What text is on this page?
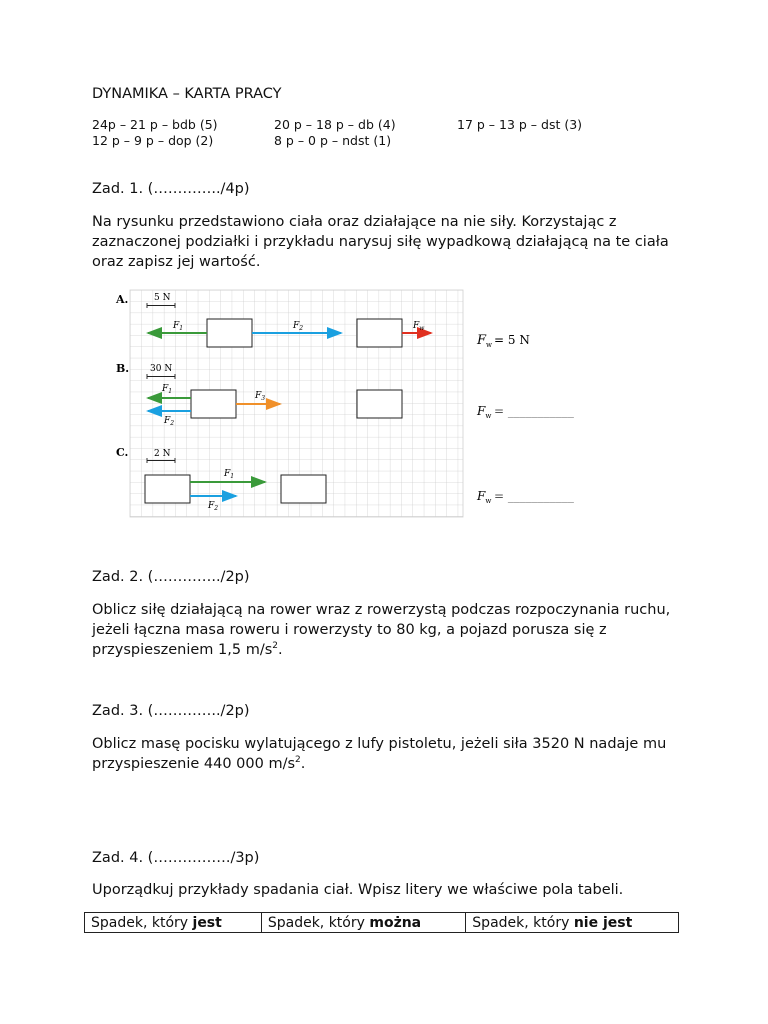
DYNAMIKA – KARTA PRACY
24p – 21 p – bdb (5)	20 p – 18 p – db (4)	17 p – 13 p – dst (3)
12 p – 9 p – dop (2)	8 p – 0 p – ndst (1)
Zad. 1. (…………../4p)
Na rysunku przedstawiono ciała oraz działające na nie siły. Korzystając z zaznaczonej podziałki i przykładu narysuj siłę wypadkową działającą na te ciała oraz zapisz jej wartość.
A.	5 N
$F_1$	$F_2$	$F_w$
B. 30 N
$F_1$
$F_2$
$F_3$
C.	2 N
$F_1$
$F_2$
$F_w = 5$ N
$F_w$ = ___________
$F_w$ = ___________
Zad. 2. (…………../2p)
Oblicz siłę działającą na rower wraz z rowerzystą podczas rozpoczynania ruchu, jeżeli łączna masa roweru i rowerzysty to 80 kg, a pojazd porusza się z przyspieszeniem 1,5 $m/s^2$.
Zad. 3. (…………../2p)
Oblicz masę pocisku wylatującego z lufy pistoletu, jeżeli siła 3520 N nadaje mu przyspieszenie 440 000 $m/s^2$.
Zad. 4. (……………./3p)
Uporządkuj przykłady spadania ciał. Wpisz litery we właściwe pola tabeli.
Spadek, który jest	Spadek, który można	Spadek, który nie jest
